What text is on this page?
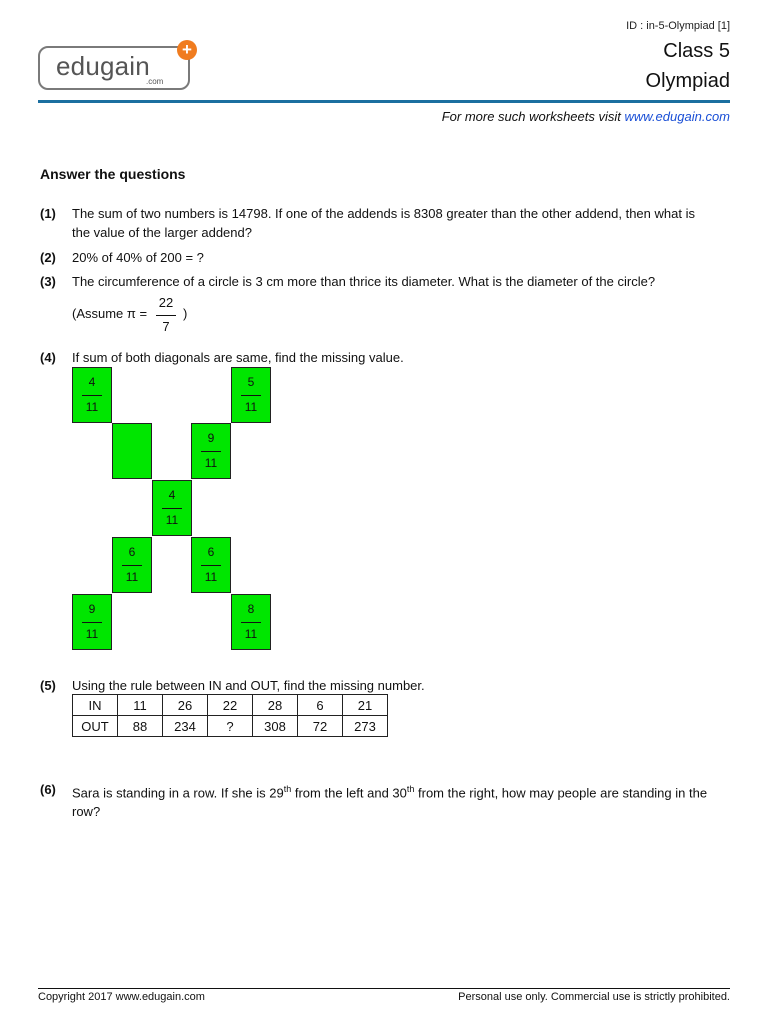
ID : in-5-Olympiad [1]
Class 5
Olympiad
edugain
.com
+
For more such worksheets visit www.edugain.com
Answer the questions
(1) The sum of two numbers is 14798. If one of the addends is 8308 greater than the other addend, then what is the value of the larger addend?
(2) 20% of 40% of 200 = ?
(3) The circumference of a circle is 3 cm more than thrice its diameter. What is the diameter of the circle?
(Assume π =
22
7
)
(4) If sum of both diagonals are same, find the missing value.
4
11
5
11
9
11
4
11
6
11
6
11
9
11
8
11
(5) Using the rule between IN and OUT, find the missing number.
IN	11	26	22	28	6	21
OUT	88	234	?	308	72	273
(6) Sara is standing in a row. If she is 29th from the left and 30th from the right, how may people are standing in the row?
Copyright 2017 www.edugain.com	Personal use only. Commercial use is strictly prohibited.
